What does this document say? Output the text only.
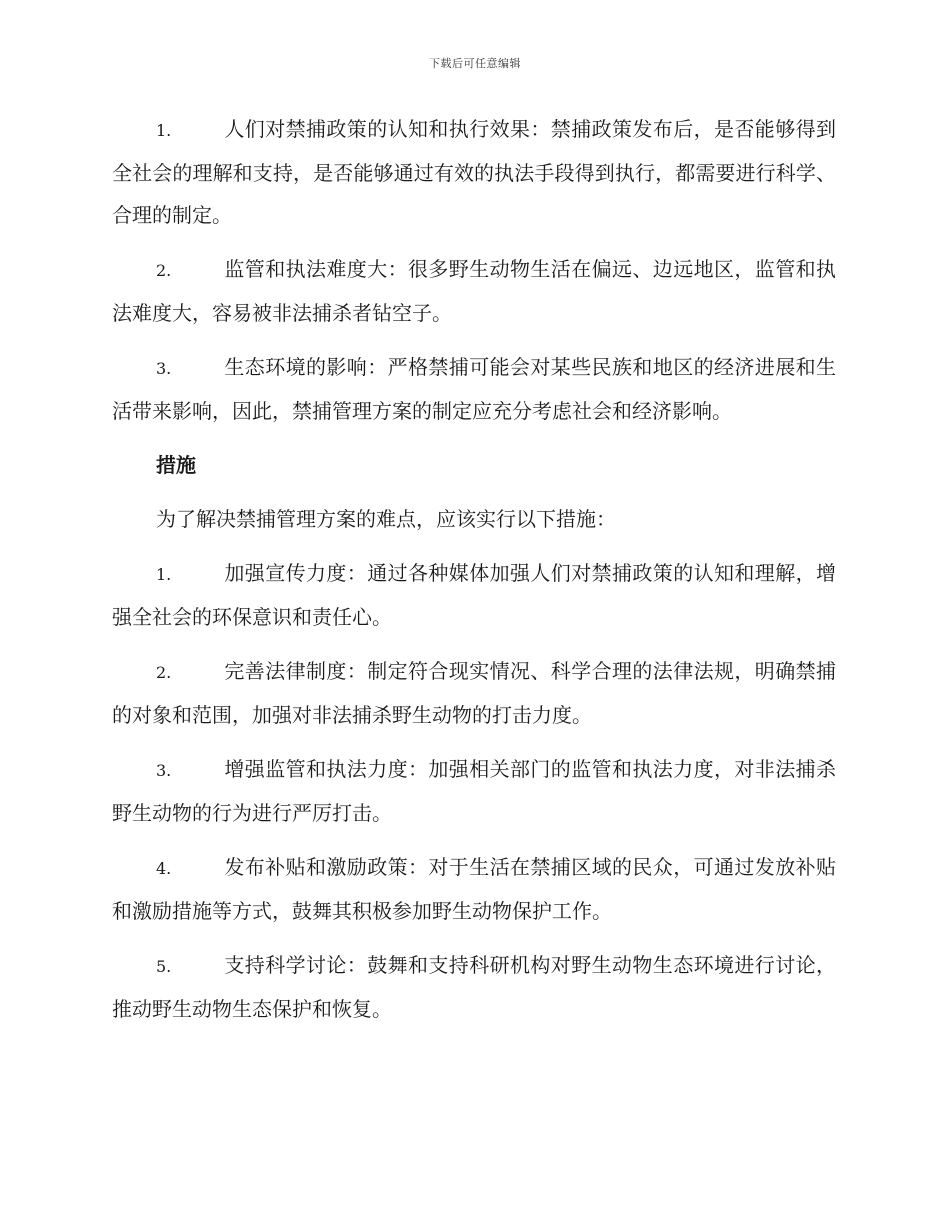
下载后可任意编辑

1.	人们对禁捕政策的认知和执行效果：禁捕政策发布后，是否能够得到全社会的理解和支持，是否能够通过有效的执法手段得到执行，都需要进行科学、合理的制定。

2.	监管和执法难度大：很多野生动物生活在偏远、边远地区，监管和执法难度大，容易被非法捕杀者钻空子。

3.	生态环境的影响：严格禁捕可能会对某些民族和地区的经济进展和生活带来影响，因此，禁捕管理方案的制定应充分考虑社会和经济影响。

措施

为了解决禁捕管理方案的难点，应该实行以下措施：

1.	加强宣传力度：通过各种媒体加强人们对禁捕政策的认知和理解，增强全社会的环保意识和责任心。

2.	完善法律制度：制定符合现实情况、科学合理的法律法规，明确禁捕的对象和范围，加强对非法捕杀野生动物的打击力度。

3.	增强监管和执法力度：加强相关部门的监管和执法力度，对非法捕杀野生动物的行为进行严厉打击。

4.	发布补贴和激励政策：对于生活在禁捕区域的民众，可通过发放补贴和激励措施等方式，鼓舞其积极参加野生动物保护工作。

5.	支持科学讨论：鼓舞和支持科研机构对野生动物生态环境进行讨论，推动野生动物生态保护和恢复。
